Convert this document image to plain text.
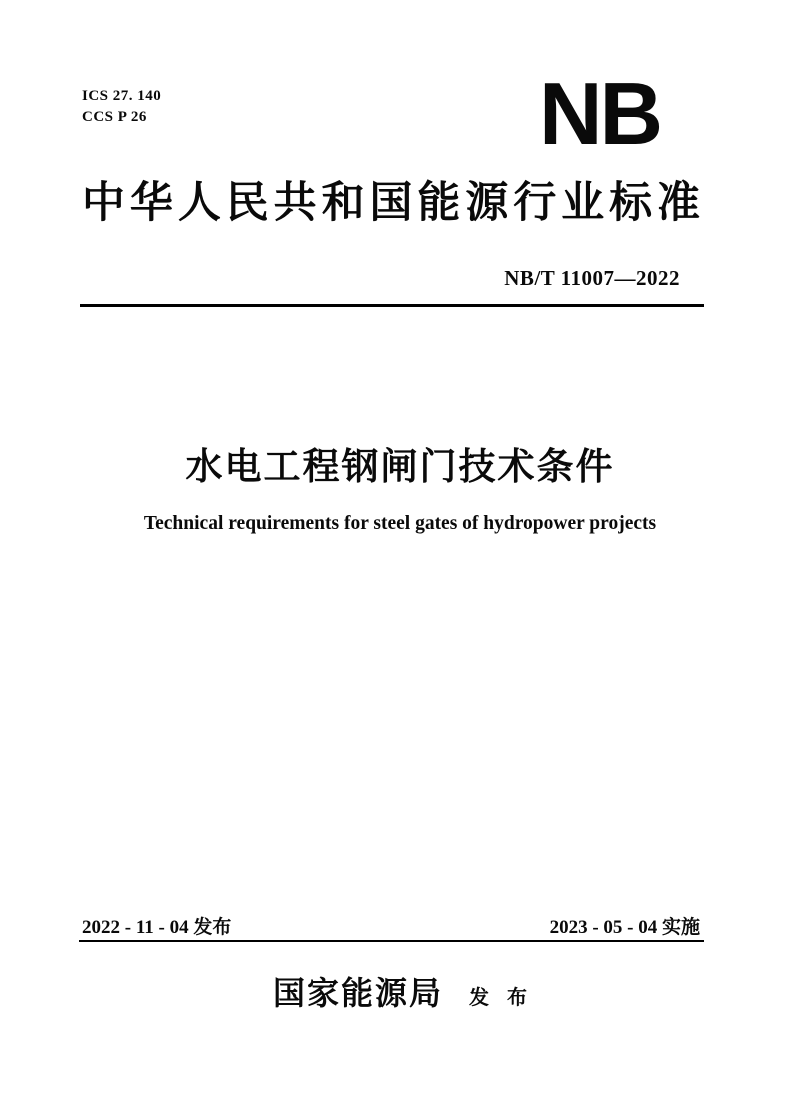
ICS 27. 140
CCS P 26	NB
中华人民共和国能源行业标准
NB/T 11007—2022
水电工程钢闸门技术条件
Technical requirements for steel gates of hydropower projects
2022 - 11 - 04 发布	2023 - 05 - 04 实施
国家能源局 发布
